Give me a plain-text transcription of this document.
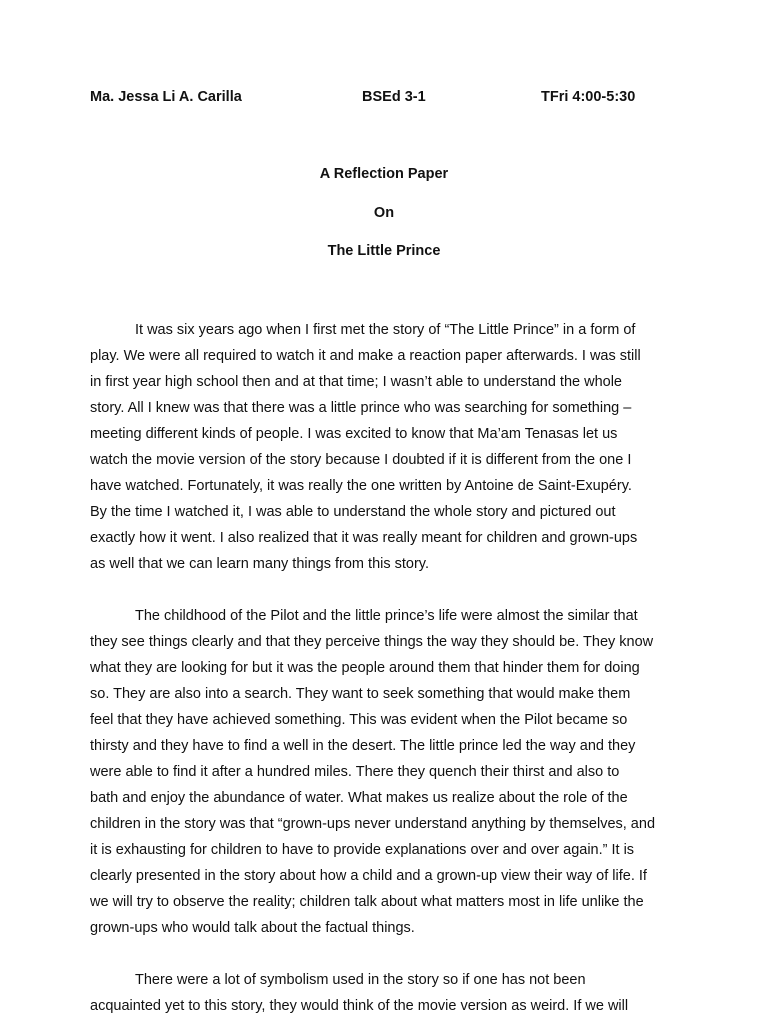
Ma. Jessa Li A. Carilla	BSEd 3-1	TFri 4:00-5:30
A Reflection Paper
On
The Little Prince
It was six years ago when I first met the story of “The Little Prince” in a form of
play. We were all required to watch it and make a reaction paper afterwards. I was still
in first year high school then and at that time; I wasn’t able to understand the whole
story. All I knew was that there was a little prince who was searching for something –
meeting different kinds of people. I was excited to know that Ma’am Tenasas let us
watch the movie version of the story because I doubted if it is different from the one I
have watched. Fortunately, it was really the one written by Antoine de Saint-Exupéry.
By the time I watched it, I was able to understand the whole story and pictured out
exactly how it went. I also realized that it was really meant for children and grown-ups
as well that we can learn many things from this story.
The childhood of the Pilot and the little prince’s life were almost the similar that
they see things clearly and that they perceive things the way they should be. They know
what they are looking for but it was the people around them that hinder them for doing
so. They are also into a search. They want to seek something that would make them
feel that they have achieved something. This was evident when the Pilot became so
thirsty and they have to find a well in the desert. The little prince led the way and they
were able to find it after a hundred miles. There they quench their thirst and also to
bath and enjoy the abundance of water. What makes us realize about the role of the
children in the story was that “grown-ups never understand anything by themselves, and
it is exhausting for children to have to provide explanations over and over again.” It is
clearly presented in the story about how a child and a grown-up view their way of life. If
we will try to observe the reality; children talk about what matters most in life unlike the
grown-ups who would talk about the factual things.
There were a lot of symbolism used in the story so if one has not been
acquainted yet to this story, they would think of the movie version as weird. If we will
